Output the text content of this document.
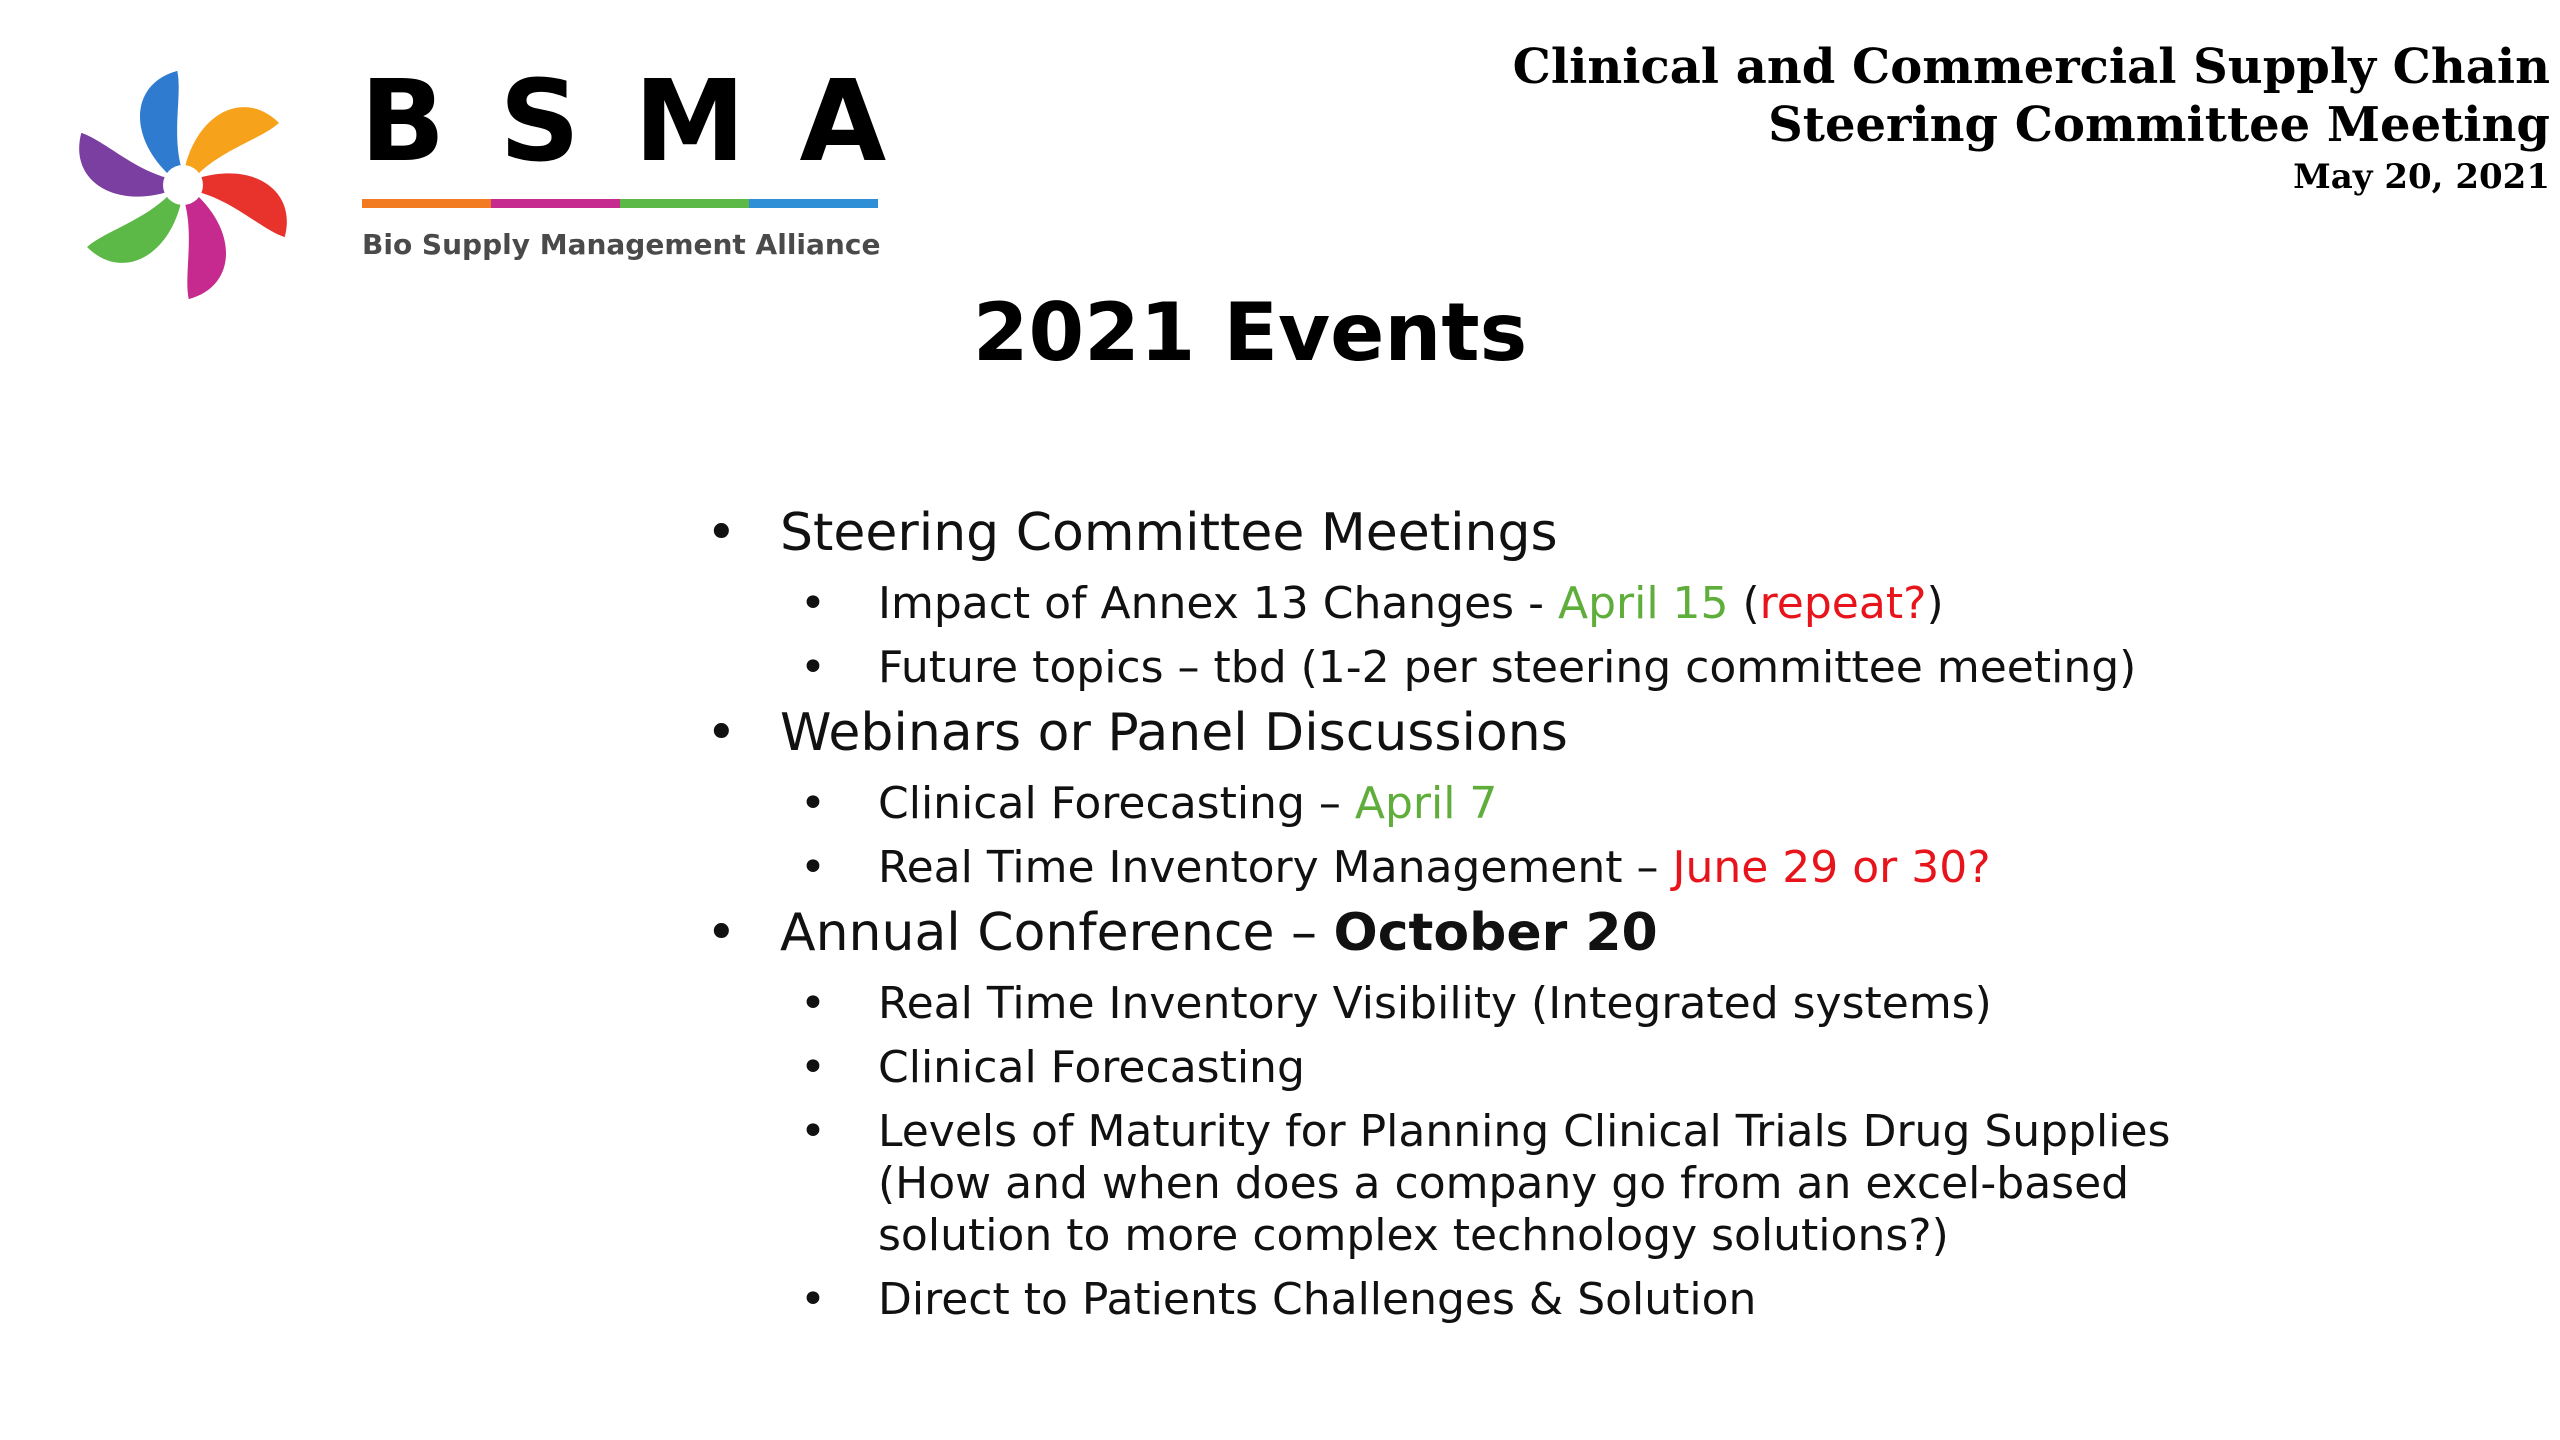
BSMA
Bio Supply Management Alliance
Clinical and Commercial Supply Chain
Steering Committee Meeting
May 20, 2021
2021 Events
• Steering Committee Meetings
• Impact of Annex 13 Changes - April 15 (repeat?)
• Future topics – tbd (1-2 per steering committee meeting)
• Webinars or Panel Discussions
• Clinical Forecasting – April 7
• Real Time Inventory Management – June 29 or 30?
• Annual Conference – October 20
• Real Time Inventory Visibility (Integrated systems)
• Clinical Forecasting
• Levels of Maturity for Planning Clinical Trials Drug Supplies (How and when does a company go from an excel-based solution to more complex technology solutions?)
• Direct to Patients Challenges & Solution
